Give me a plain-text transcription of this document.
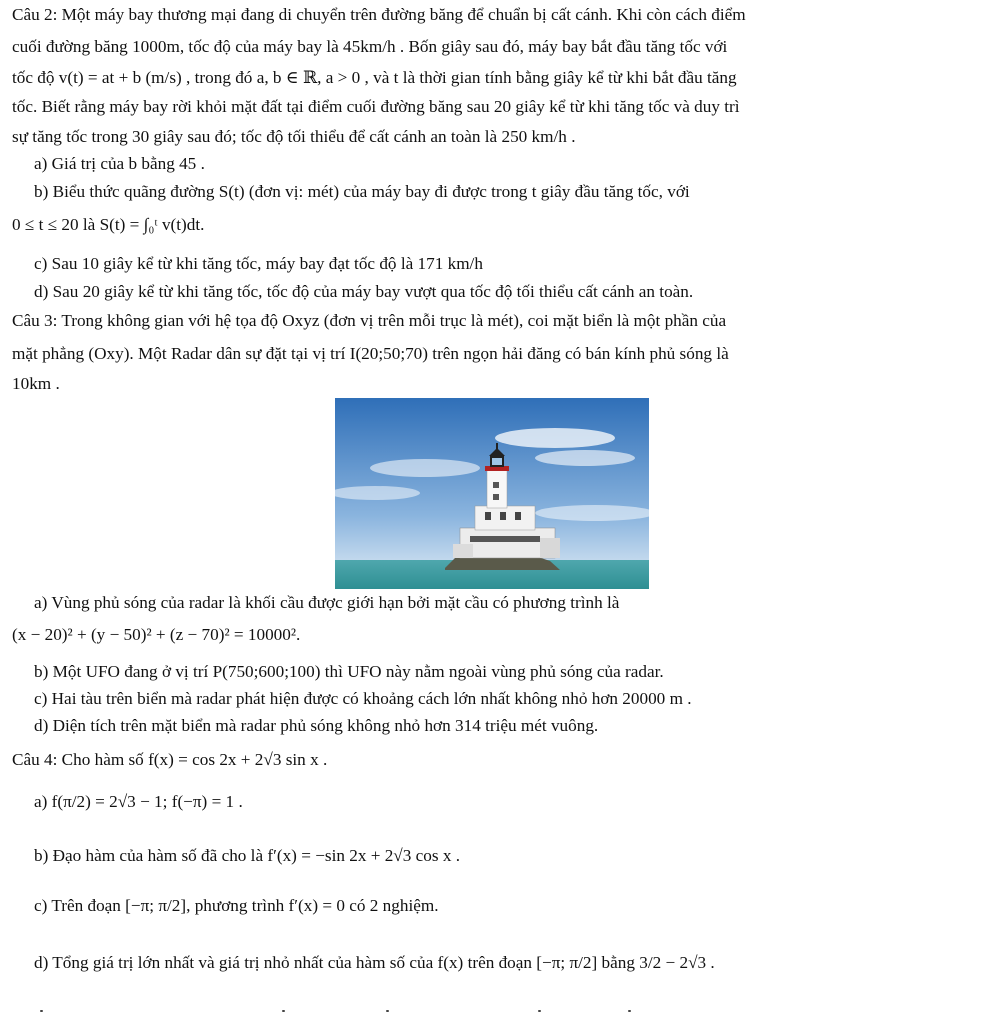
Câu 2: Một máy bay thương mại đang di chuyển trên đường băng để chuẩn bị cất cánh. Khi còn cách điểm
cuối đường băng 1000m, tốc độ của máy bay là 45km/h . Bốn giây sau đó, máy bay bắt đầu tăng tốc với
tốc độ v(t) = at + b (m/s) , trong đó a, b ∈ ℝ, a > 0 , và t là thời gian tính bằng giây kể từ khi bắt đầu tăng
tốc. Biết rằng máy bay rời khỏi mặt đất tại điểm cuối đường băng sau 20 giây kể từ khi tăng tốc và duy trì
sự tăng tốc trong 30 giây sau đó; tốc độ tối thiểu để cất cánh an toàn là 250 km/h .
a) Giá trị của b bằng 45 .
b) Biểu thức quãng đường S(t) (đơn vị: mét) của máy bay đi được trong t giây đầu tăng tốc, với
0 ≤ t ≤ 20 là S(t) = ∫₀ᵗ v(t)dt.
c) Sau 10 giây kể từ khi tăng tốc, máy bay đạt tốc độ là 171 km/h
d) Sau 20 giây kể từ khi tăng tốc, tốc độ của máy bay vượt qua tốc độ tối thiểu cất cánh an toàn.
Câu 3: Trong không gian với hệ tọa độ Oxyz (đơn vị trên mỗi trục là mét), coi mặt biển là một phần của
mặt phẳng (Oxy). Một Radar dân sự đặt tại vị trí I(20;50;70) trên ngọn hải đăng có bán kính phủ sóng là
10km .
a) Vùng phủ sóng của radar là khối cầu được giới hạn bởi mặt cầu có phương trình là
(x − 20)² + (y − 50)² + (z − 70)² = 10000².
b) Một UFO đang ở vị trí P(750;600;100) thì UFO này nằm ngoài vùng phủ sóng của radar.
c) Hai tàu trên biển mà radar phát hiện được có khoảng cách lớn nhất không nhỏ hơn 20000 m .
d) Diện tích trên mặt biển mà radar phủ sóng không nhỏ hơn 314 triệu mét vuông.
Câu 4: Cho hàm số f(x) = cos 2x + 2√3 sin x .
a) f(π/2) = 2√3 − 1; f(−π) = 1 .
b) Đạo hàm của hàm số đã cho là f′(x) = −sin 2x + 2√3 cos x .
c) Trên đoạn [−π; π/2], phương trình f′(x) = 0 có 2 nghiệm.
d) Tổng giá trị lớn nhất và giá trị nhỏ nhất của hàm số của f(x) trên đoạn [−π; π/2] bằng 3/2 − 2√3 .
